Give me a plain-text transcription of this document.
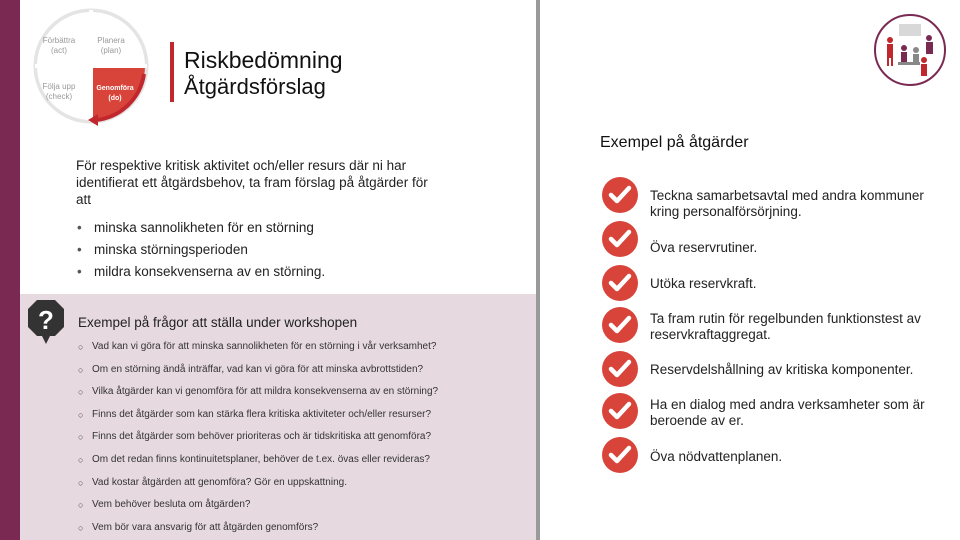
Förbättra (act)
Planera (plan)
Följa upp (check)
Genomföra (do)
Riskbedömning
Åtgärdsförslag
För respektive kritisk aktivitet och/eller resurs där ni har identifierat ett åtgärdsbehov, ta fram förslag på åtgärder för att
• minska sannolikheten för en störning
• minska störningsperioden
• mildra konsekvenserna av en störning.
? Exempel på frågor att ställa under workshopen
○ Vad kan vi göra för att minska sannolikheten för en störning i vår verksamhet?
○ Om en störning ändå inträffar, vad kan vi göra för att minska avbrottstiden?
○ Vilka åtgärder kan vi genomföra för att mildra konsekvenserna av en störning?
○ Finns det åtgärder som kan stärka flera kritiska aktiviteter och/eller resurser?
○ Finns det åtgärder som behöver prioriteras och är tidskritiska att genomföra?
○ Om det redan finns kontinuitetsplaner, behöver de t.ex. övas eller revideras?
○ Vad kostar åtgärden att genomföra? Gör en uppskattning.
○ Vem behöver besluta om åtgärden?
○ Vem bör vara ansvarig för att åtgärden genomförs?
Exempel på åtgärder
Teckna samarbetsavtal med andra kommuner kring personalförsörjning.
Öva reservrutiner.
Utöka reservkraft.
Ta fram rutin för regelbunden funktionstest av reservkraftaggregat.
Reservdelshållning av kritiska komponenter.
Ha en dialog med andra verksamheter som är beroende av er.
Öva nödvattenplanen.
